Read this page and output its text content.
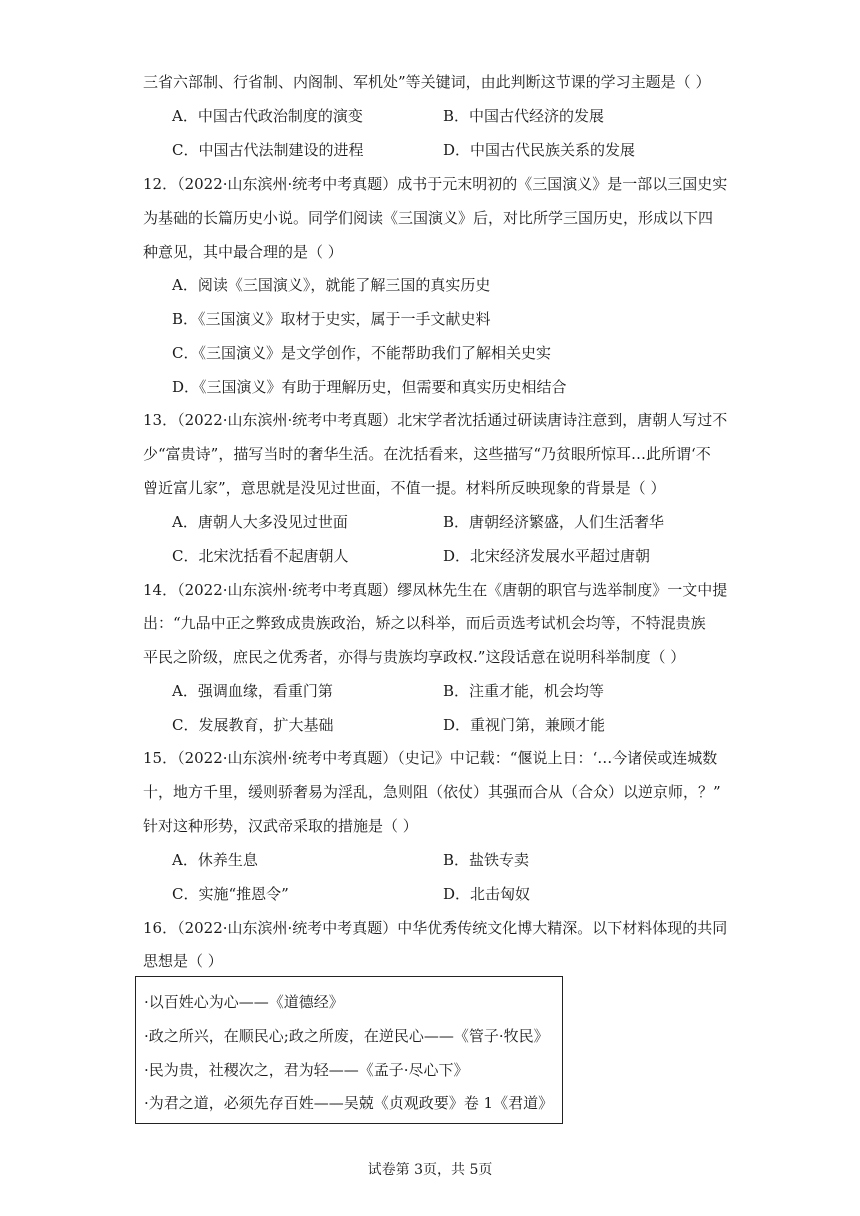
三省六部制、行省制、内阁制、军机处”等关键词，由此判断这节课的学习主题是（ ）
A．中国古代政治制度的演变	B．中国古代经济的发展
C．中国古代法制建设的进程	D．中国古代民族关系的发展
12．（2022·山东滨州·统考中考真题）成书于元末明初的《三国演义》是一部以三国史实
为基础的长篇历史小说。同学们阅读《三国演义》后，对比所学三国历史，形成以下四
种意见，其中最合理的是（ ）
A．阅读《三国演义》，就能了解三国的真实历史
B．《三国演义》取材于史实，属于一手文献史料
C．《三国演义》是文学创作，不能帮助我们了解相关史实
D．《三国演义》有助于理解历史，但需要和真实历史相结合
13．（2022·山东滨州·统考中考真题）北宋学者沈括通过研读唐诗注意到，唐朝人写过不
少“富贵诗”，描写当时的奢华生活。在沈括看来，这些描写“乃贫眼所惊耳…此所谓‘不
曾近富儿家”，意思就是没见过世面，不值一提。材料所反映现象的背景是（ ）
A．唐朝人大多没见过世面	B．唐朝经济繁盛，人们生活奢华
C．北宋沈括看不起唐朝人	D．北宋经济发展水平超过唐朝
14．（2022·山东滨州·统考中考真题）缪凤林先生在《唐朝的职官与选举制度》一文中提
出：“九品中正之弊致成贵族政治，矫之以科举，而后贡选考试机会均等，不特混贵族
平民之阶级，庶民之优秀者，亦得与贵族均享政权.”这段话意在说明科举制度（ ）
A．强调血缘，看重门第	B．注重才能，机会均等
C．发展教育，扩大基础	D．重视门第，兼顾才能
15．（2022·山东滨州·统考中考真题）（史记》中记载：“偃说上日：‘…今诸侯或连城数
十，地方千里，缓则骄奢易为淫乱，急则阻（依仗）其强而合从（合众）以逆京师，？”
针对这种形势，汉武帝采取的措施是（ ）
A．休养生息	B．盐铁专卖
C．实施“推恩令”	D．北击匈奴
16．（2022·山东滨州·统考中考真题）中华优秀传统文化博大精深。以下材料体现的共同
思想是（ ）
·以百姓心为心——《道德经》
·政之所兴，在顺民心;政之所废，在逆民心——《管子·牧民》
·民为贵，社稷次之，君为轻——《孟子·尽心下》
·为君之道，必须先存百姓——吴兢《贞观政要》卷 1《君道》
试卷第 3页，共 5页
